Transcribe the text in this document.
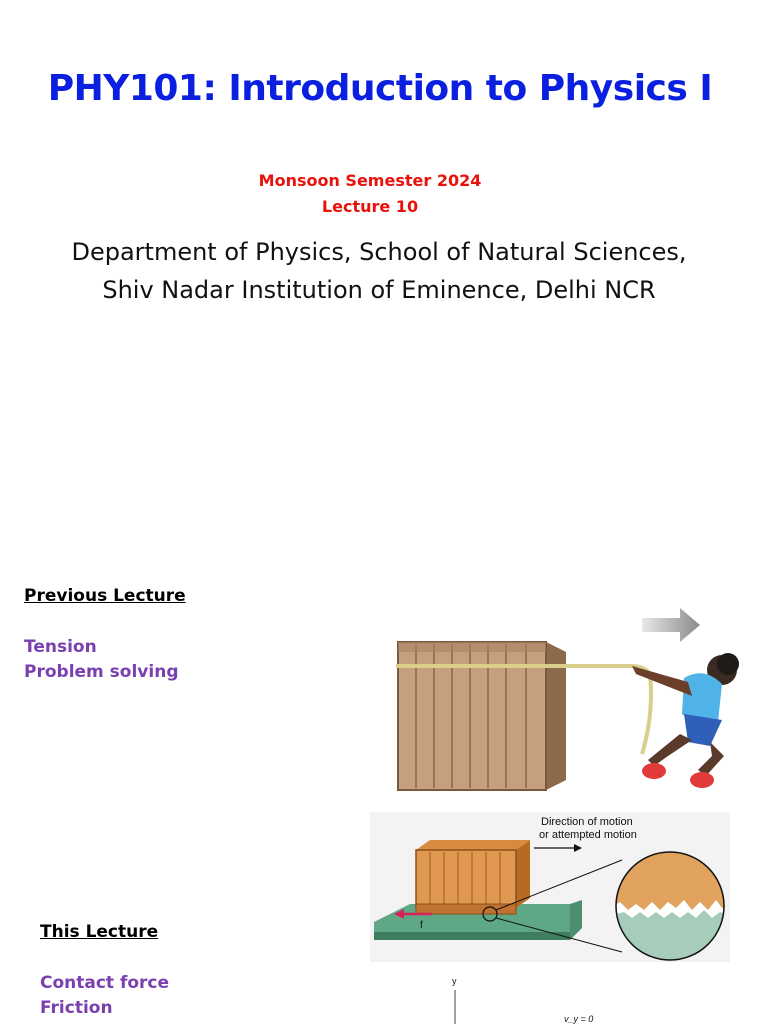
PHY101: Introduction to Physics I
Monsoon Semester 2024
Lecture 10
Department of Physics, School of Natural Sciences,
Shiv Nadar Institution of Eminence, Delhi NCR
Previous Lecture
Tension
Problem solving
This Lecture
Contact force
Friction
Direction of motion
or attempted motion
f
y
v_y = 0
